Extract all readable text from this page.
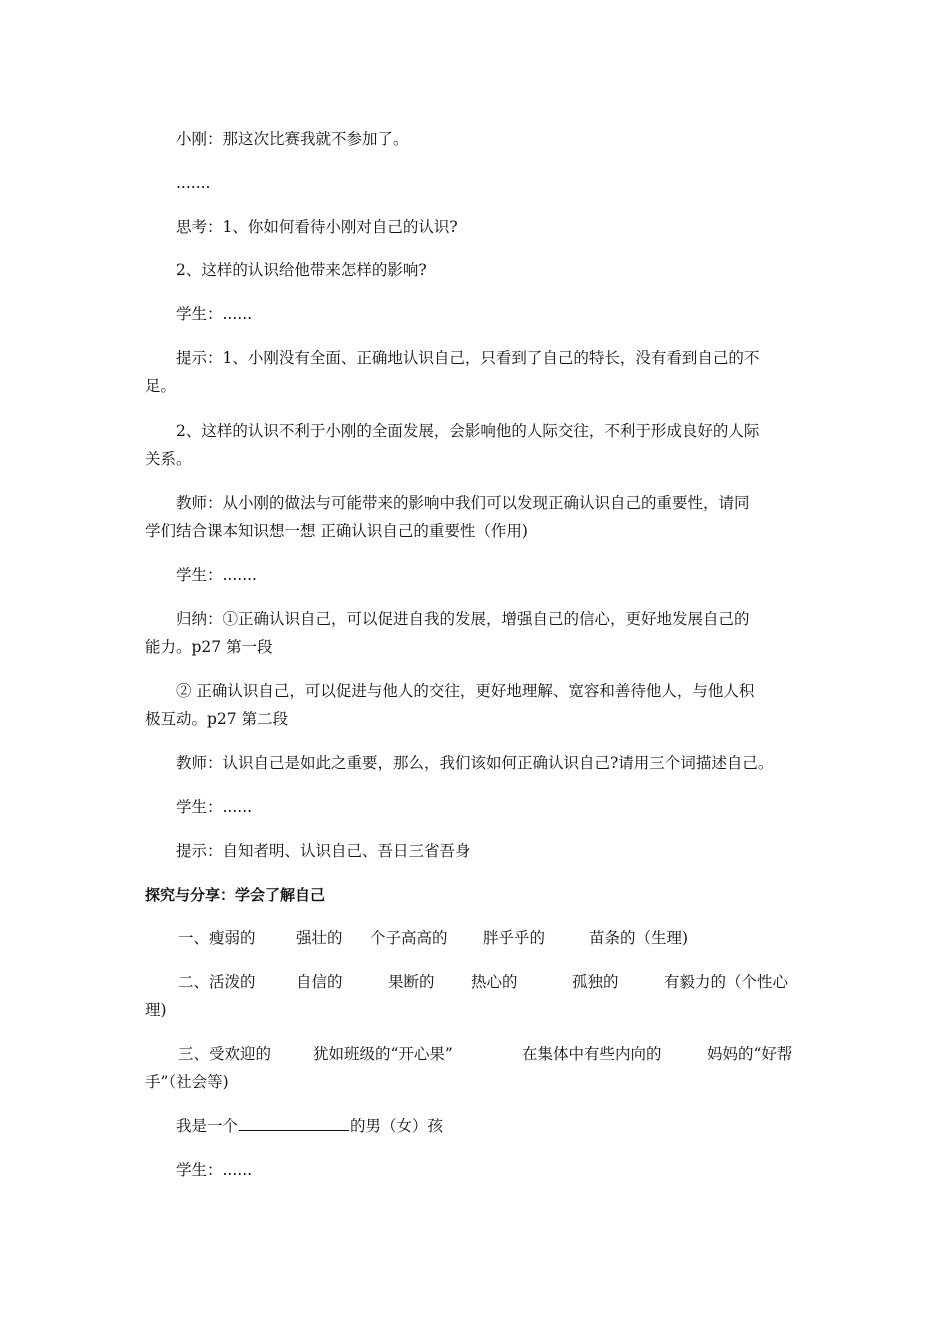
小刚：那这次比赛我就不参加了。
.......
思考：1、你如何看待小刚对自己的认识?
2、这样的认识给他带来怎样的影响?
学生：......
提示：1、小刚没有全面、正确地认识自己，只看到了自己的特长，没有看到自己的不
足。
2、这样的认识不利于小刚的全面发展，会影响他的人际交往，不利于形成良好的人际
关系。
教师：从小刚的做法与可能带来的影响中我们可以发现正确认识自己的重要性，请同
学们结合课本知识想一想 正确认识自己的重要性（作用)
学生：.......
归纳：①正确认识自己，可以促进自我的发展，增强自己的信心，更好地发展自己的
能力。p27 第一段
② 正确认识自己，可以促进与他人的交往，更好地理解、宽容和善待他人，与他人积
极互动。p27 第二段
教师：认识自己是如此之重要，那么，我们该如何正确认识自己?请用三个词描述自己。
学生：......
提示：自知者明、认识自己、吾日三省吾身
探究与分享：学会了解自己
一、瘦弱的	强壮的 个子高高的 胖乎乎的	苗条的（生理)
二、活泼的	自信的	果断的 热心的	孤独的	有毅力的（个性心
理)
三、受欢迎的	犹如班级的“开心果”	在集体中有些内向的	妈妈的“好帮
手”（社会等)
我是一个	的男（女）孩
学生：......
